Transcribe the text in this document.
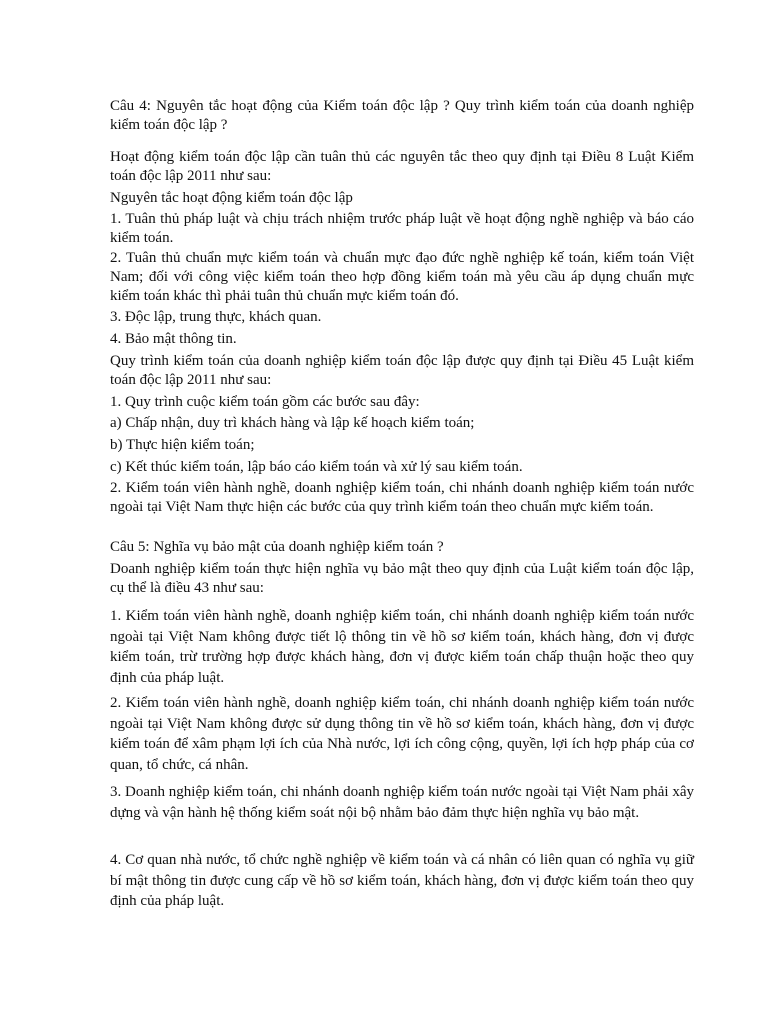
Câu 4: Nguyên tắc hoạt động của Kiểm toán độc lập ? Quy trình kiểm toán của doanh nghiệp kiểm toán độc lập ?

Hoạt động kiểm toán độc lập cần tuân thủ các nguyên tắc theo quy định tại Điều 8 Luật Kiểm toán độc lập 2011 như sau:

Nguyên tắc hoạt động kiểm toán độc lập

1. Tuân thủ pháp luật và chịu trách nhiệm trước pháp luật về hoạt động nghề nghiệp và báo cáo kiểm toán.

2. Tuân thủ chuẩn mực kiểm toán và chuẩn mực đạo đức nghề nghiệp kế toán, kiểm toán Việt Nam; đối với công việc kiểm toán theo hợp đồng kiểm toán mà yêu cầu áp dụng chuẩn mực kiểm toán khác thì phải tuân thủ chuẩn mực kiểm toán đó.

3. Độc lập, trung thực, khách quan.

4. Bảo mật thông tin.

Quy trình kiểm toán của doanh nghiệp kiểm toán độc lập được quy định tại Điều 45 Luật kiểm toán độc lập 2011 như sau:

1. Quy trình cuộc kiểm toán gồm các bước sau đây:

a) Chấp nhận, duy trì khách hàng và lập kế hoạch kiểm toán;

b) Thực hiện kiểm toán;

c) Kết thúc kiểm toán, lập báo cáo kiểm toán và xử lý sau kiểm toán.

2. Kiểm toán viên hành nghề, doanh nghiệp kiểm toán, chi nhánh doanh nghiệp kiểm toán nước ngoài tại Việt Nam thực hiện các bước của quy trình kiểm toán theo chuẩn mực kiểm toán.

Câu 5: Nghĩa vụ bảo mật của doanh nghiệp kiểm toán ?

Doanh nghiệp kiểm toán thực hiện nghĩa vụ bảo mật theo quy định của Luật kiểm toán độc lập, cụ thể là điều 43 như sau:

1. Kiểm toán viên hành nghề, doanh nghiệp kiểm toán, chi nhánh doanh nghiệp kiểm toán nước ngoài tại Việt Nam không được tiết lộ thông tin về hồ sơ kiểm toán, khách hàng, đơn vị được kiểm toán, trừ trường hợp được khách hàng, đơn vị được kiểm toán chấp thuận hoặc theo quy định của pháp luật.

2. Kiểm toán viên hành nghề, doanh nghiệp kiểm toán, chi nhánh doanh nghiệp kiểm toán nước ngoài tại Việt Nam không được sử dụng thông tin về hồ sơ kiểm toán, khách hàng, đơn vị được kiểm toán để xâm phạm lợi ích của Nhà nước, lợi ích công cộng, quyền, lợi ích hợp pháp của cơ quan, tổ chức, cá nhân.

3. Doanh nghiệp kiểm toán, chi nhánh doanh nghiệp kiểm toán nước ngoài tại Việt Nam phải xây dựng và vận hành hệ thống kiểm soát nội bộ nhằm bảo đảm thực hiện nghĩa vụ bảo mật.

4. Cơ quan nhà nước, tổ chức nghề nghiệp về kiểm toán và cá nhân có liên quan có nghĩa vụ giữ bí mật thông tin được cung cấp về hồ sơ kiểm toán, khách hàng, đơn vị được kiểm toán theo quy định của pháp luật.
